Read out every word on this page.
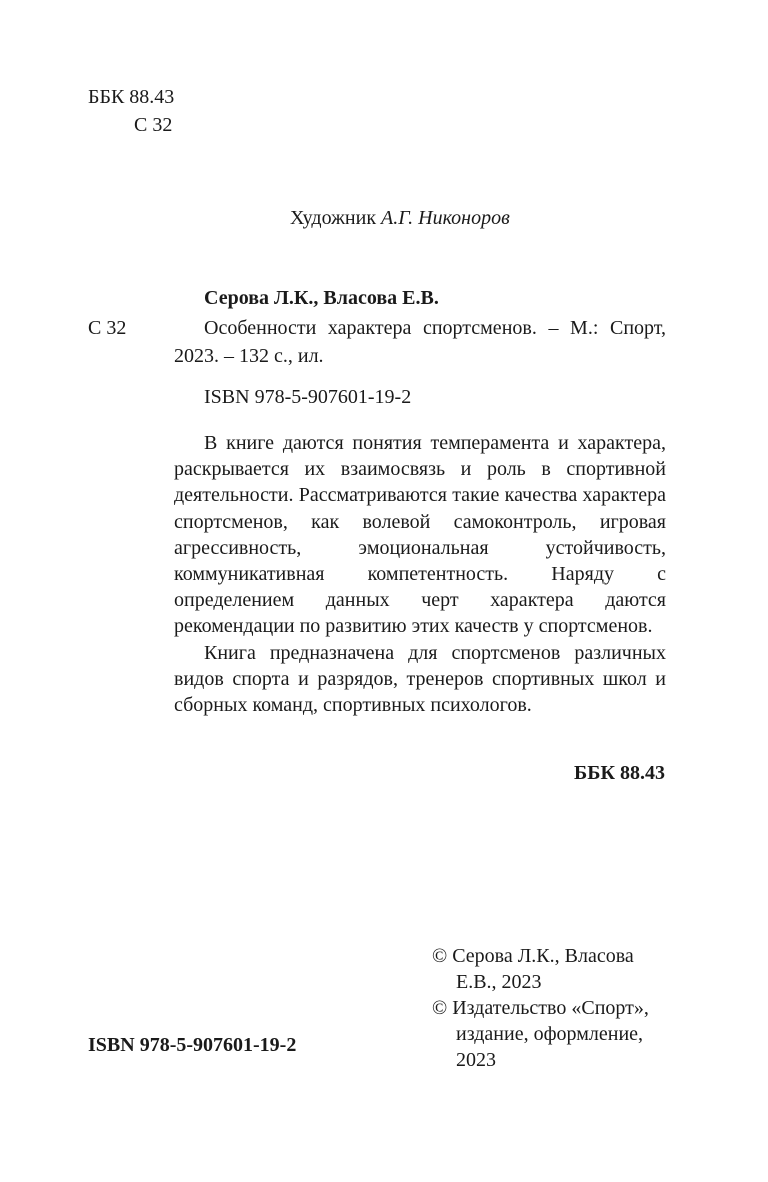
ББК 88.43
С 32
Художник А.Г. Никоноров
Серова Л.К., Власова Е.В.
С 32	Особенности характера спортсменов. – М.: Спорт,
2023. – 132 с., ил.
ISBN 978-5-907601-19-2

В книге даются понятия темперамента и характера, раскрывается их взаимосвязь и роль в спортивной деятельности. Рассматриваются такие качества характера спортсменов, как волевой самоконтроль, игровая агрессивность, эмоциональная устойчивость, коммуникативная компетентность. Наряду с определением данных черт характера даются рекомендации по развитию этих качеств у спортсменов.

Книга предназначена для спортсменов различных видов спорта и разрядов, тренеров спортивных школ и сборных команд, спортивных психологов.

ББК 88.43
© Серова Л.К., Власова Е.В., 2023
© Издательство «Спорт», издание, оформление, 2023
ISBN 978-5-907601-19-2
